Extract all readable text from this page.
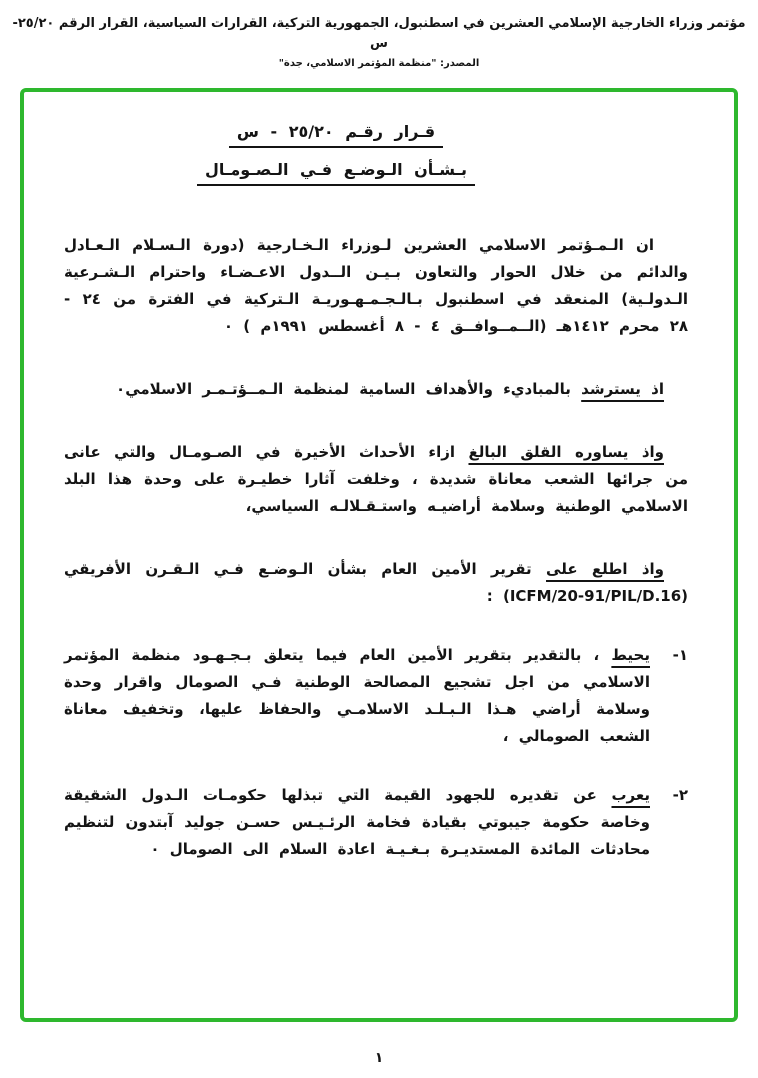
مؤتمر وزراء الخارجية الإسلامي العشرين في اسطنبول، الجمهورية التركية، القرارات السياسية، القرار الرقم ٢٥/٢٠-س
المصدر: "منظمة المؤتمر الاسلامي، جدة"
قـرار رقـم ٢٥/٢٠ - س
بـشـأن الـوضـع فـي الـصـومـال

ان الـمـؤتمر الاسلامي العشرين لـوزراء الـخـارجية (دورة الـسـلام الـعـادل والدائم من خلال الحوار والتعاون بـيـن الــدول الاعـضـاء واحترام الـشـرعية الـدولـية) المنعقد في اسطنبول بـالـجـمـهـوريـة الـتركية في الفترة من ٢٤ - ٢٨ محرم ١٤١٢هـ (الــمــوافــق ٤ - ٨ أغسطس ١٩٩١م ) ٠

اذ يسترشد بالمباديء والأهداف السامية لمنظمة الـمــؤتـمـر الاسلامي٠

واذ يساوره القلق البالغ ازاء الأحداث الأخيرة في الصـومـال والتي عانى من جرائها الشعب معاناة شديدة ، وخلفت آثارا خطيـرة على وحدة هذا البلد الاسلامي الوطنية وسلامة أراضيـه واستـقـلالـه السياسي،

واذ اطلع على تقرير الأمين العام بشأن الـوضـع فـي الـقـرن الأفريقي (ICFM/20-91/PIL/D.16) :

١-

يحيط ، بالتقدير بتقرير الأمين العام فيما يتعلق بـجـهـود منظمة المؤتمر الاسلامي من اجل تشجيع المصالحة الوطنية فـي الصومال واقرار وحدة وسلامة أراضي هـذا الـبـلـد الاسلامـي والحفاظ عليها، وتخفيف معاناة الشعب الصومالي ،

٢-

يعرب عن تقديره للجهود القيمة التي تبذلها حكومـات الـدول الشقيقة وخاصة حكومة جيبوتي بقيادة فخامة الرئـيـس حسـن جوليد آبتدون لتنظيم محادثات المائدة المستديـرة بـغـيـة اعادة السلام الى الصومال ٠

١
